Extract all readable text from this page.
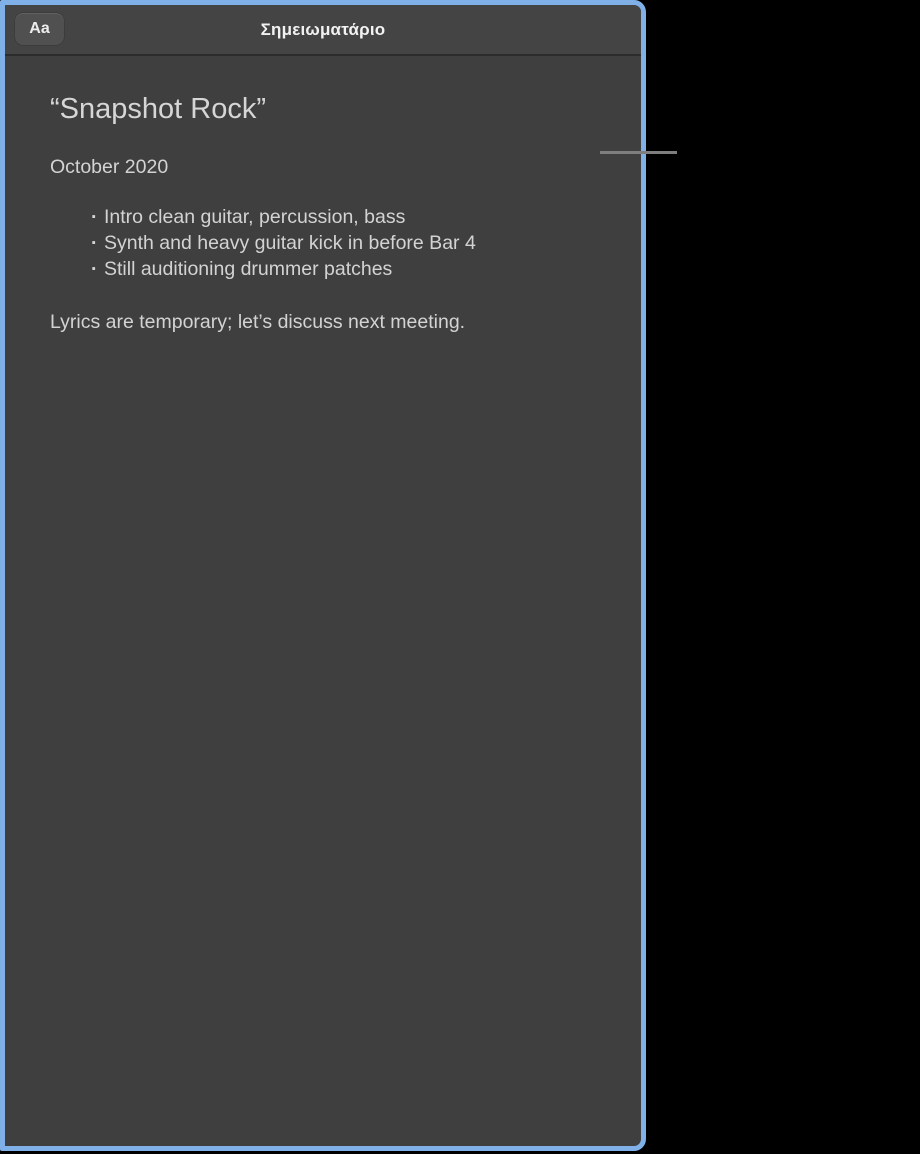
Aa	Σημειωματάριο
“Snapshot Rock”
October 2020
· Intro clean guitar, percussion, bass
· Synth and heavy guitar kick in before Bar 4
· Still auditioning drummer patches
Lyrics are temporary; let’s discuss next meeting.
